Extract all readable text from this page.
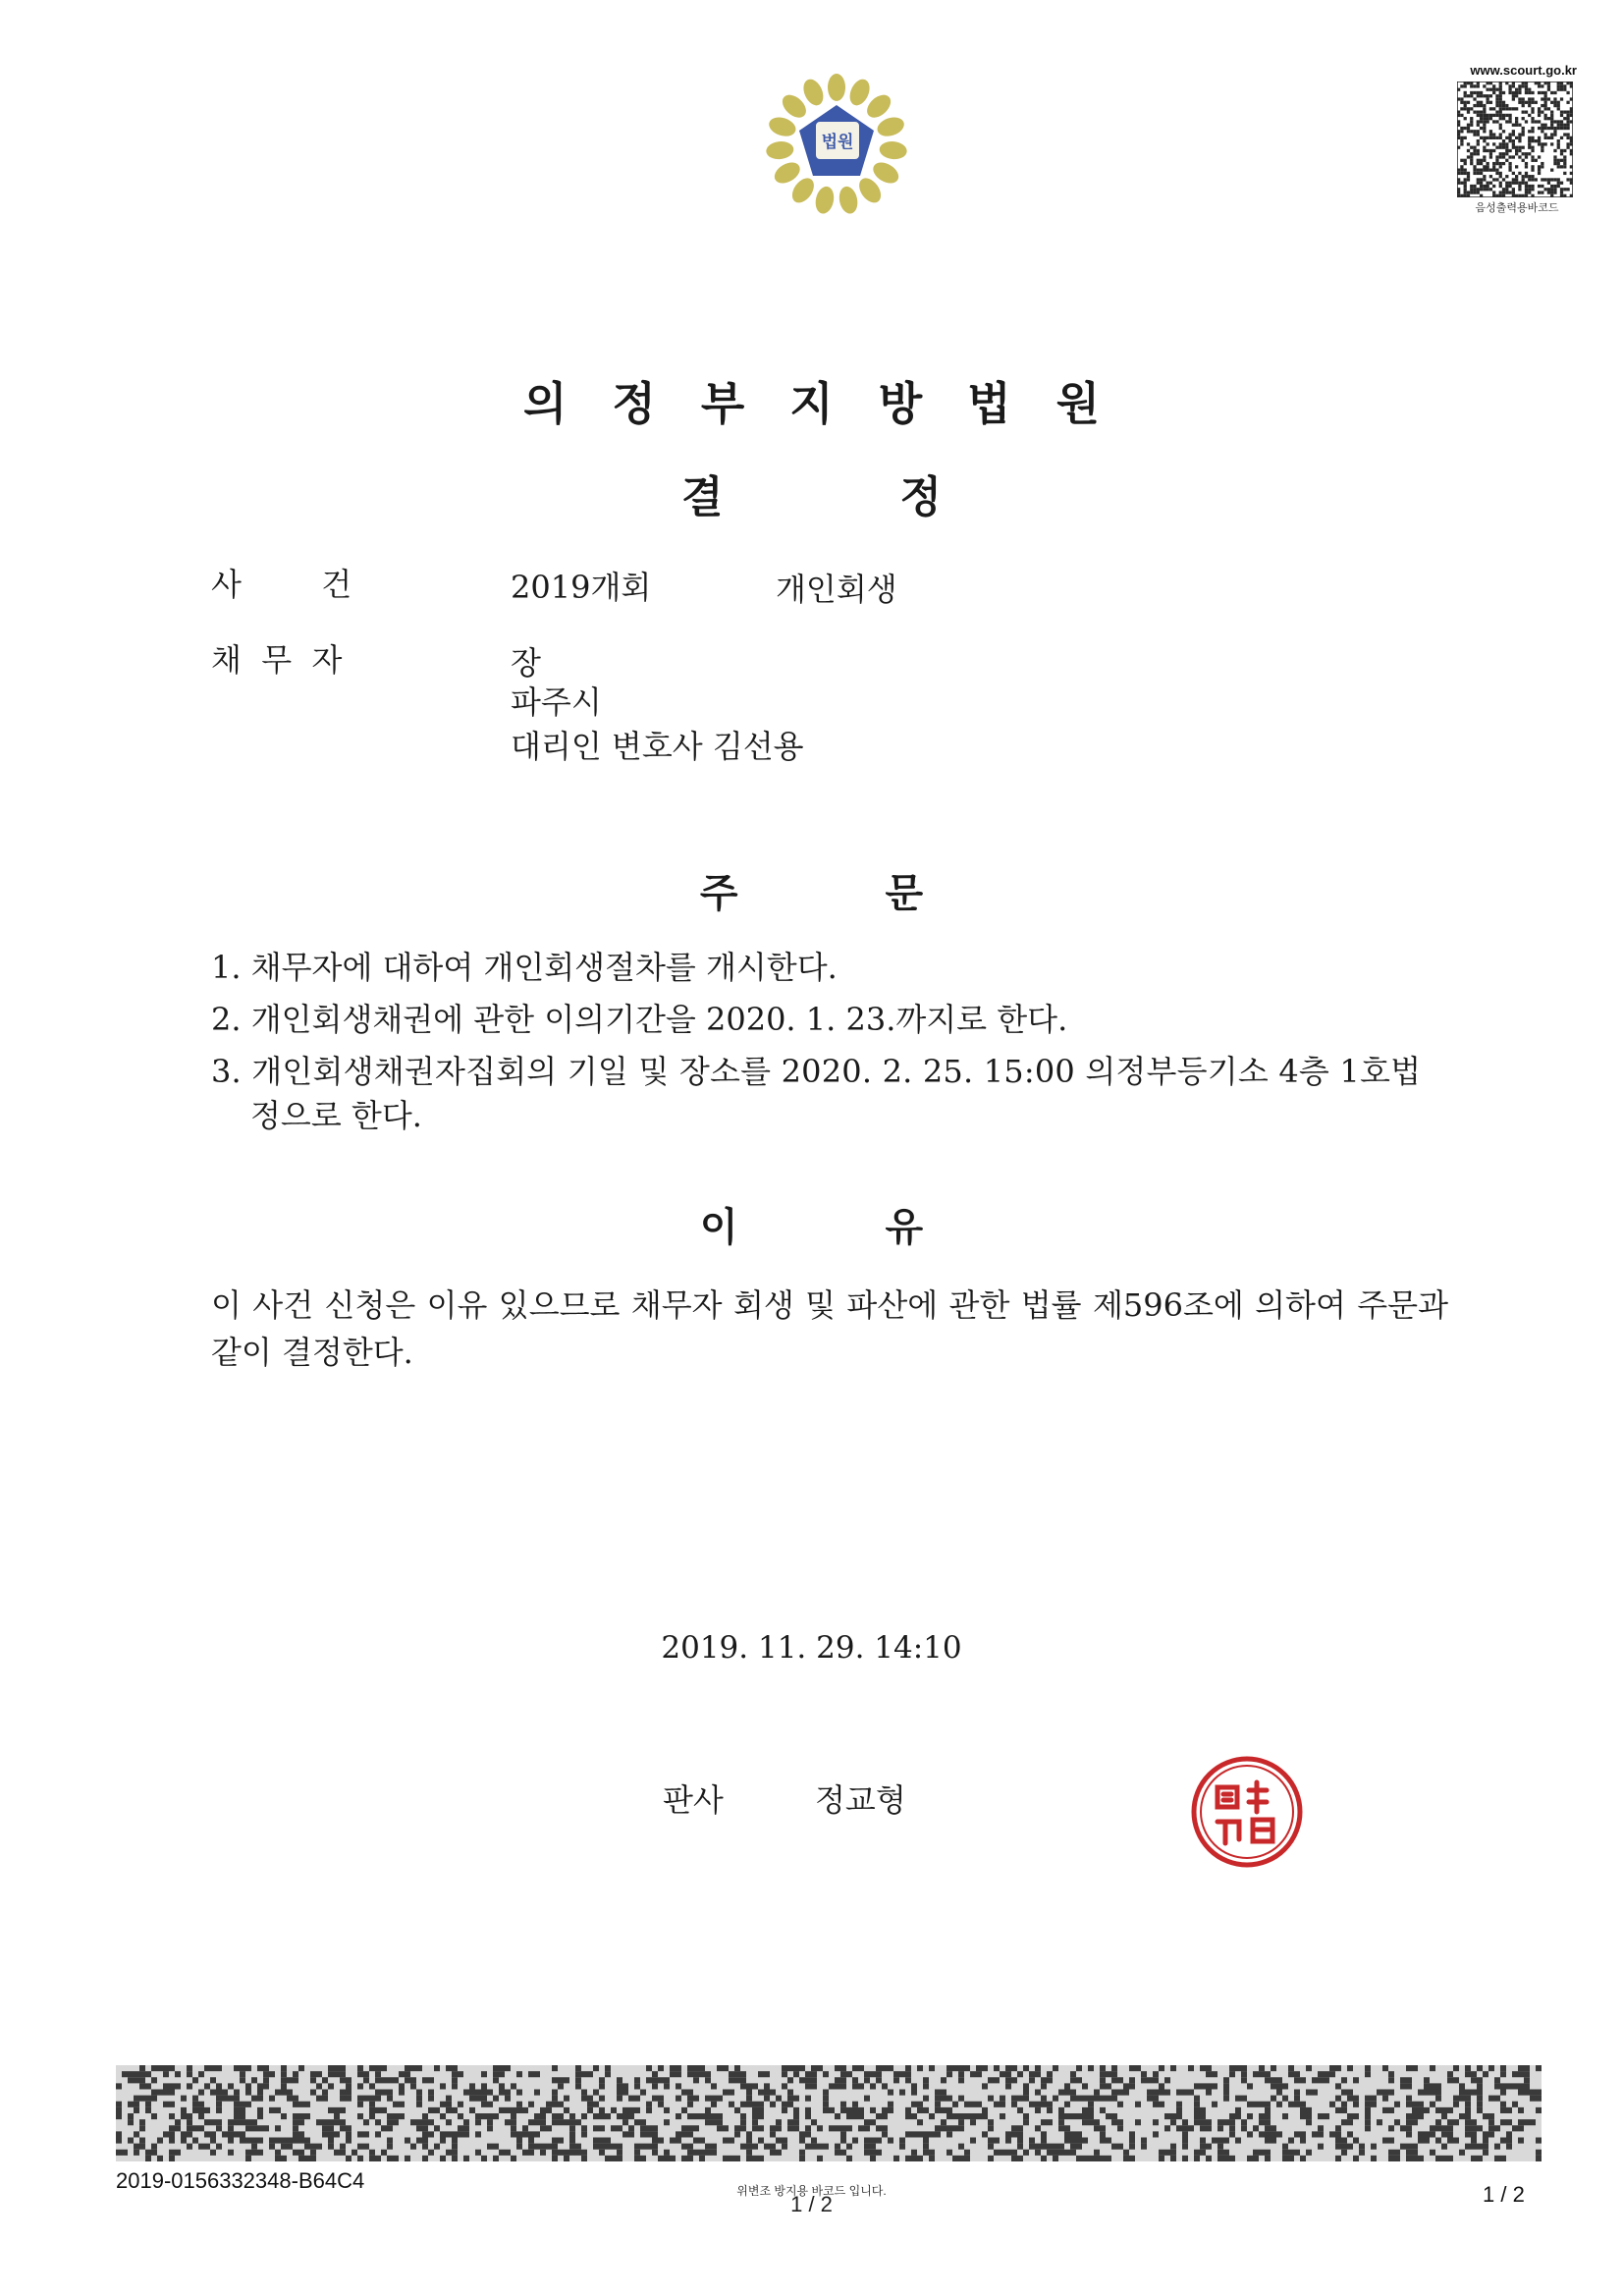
법원
www.scourt.go.kr
음성출력용바코드
의정부지방법원
결	정
사        건	2019개회	개인회생
채  무  자	장
파주시
대리인 변호사 김선용
주	문
1. 채무자에 대하여 개인회생절차를 개시한다.
2. 개인회생채권에 관한 이의기간을 2020. 1. 23.까지로 한다.
3. 개인회생채권자집회의 기일 및 장소를 2020. 2. 25. 15:00 의정부등기소 4층 1호법
정으로 한다.
이	유
이 사건 신청은 이유 있으므로 채무자 회생 및 파산에 관한 법률 제596조에 의하여 주문과 같이 결정한다.
2019. 11. 29. 14:10
판사	정교형
2019-0156332348-B64C4	위변조 방지용 바코드 입니다.
1 / 2	1 / 2
